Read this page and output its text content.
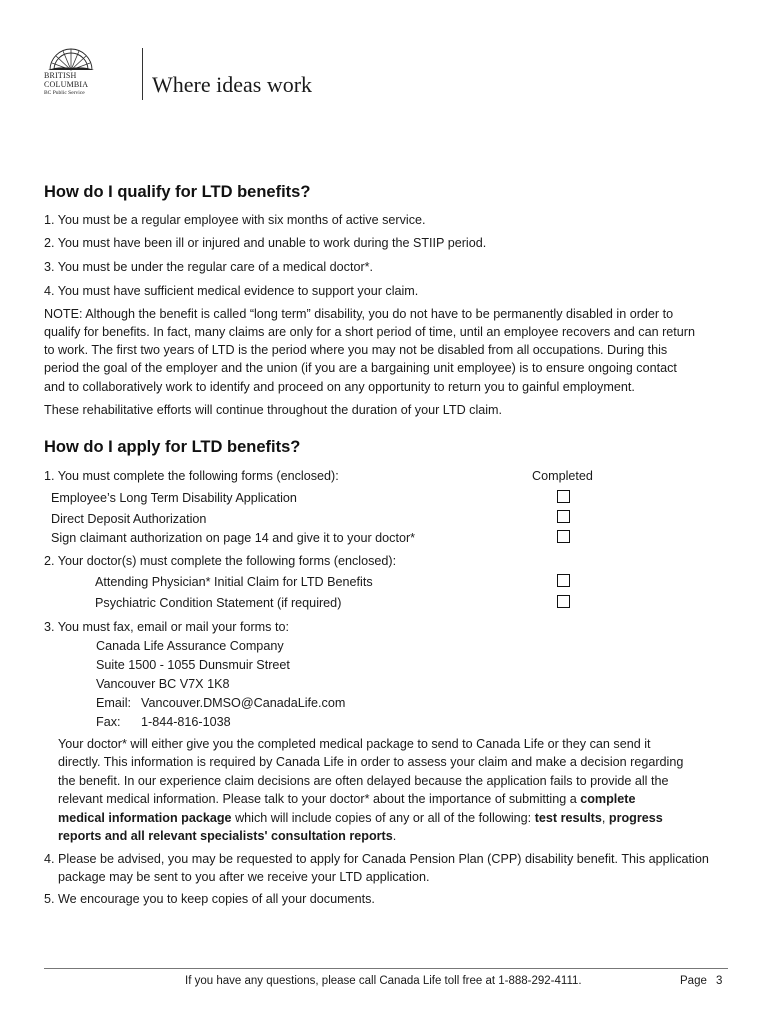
BRITISH
COLUMBIA
BC Public Service	Where ideas work
How do I qualify for LTD benefits?
1. You must be a regular employee with six months of active service.
2. You must have been ill or injured and unable to work during the STIIP period.
3. You must be under the regular care of a medical doctor*.
4. You must have sufficient medical evidence to support your claim.
NOTE: Although the benefit is called “long term” disability, you do not have to be permanently disabled in order to
qualify for benefits. In fact, many claims are only for a short period of time, until an employee recovers and can return
to work. The first two years of LTD is the period where you may not be disabled from all occupations. During this
period the goal of the employer and the union (if you are a bargaining unit employee) is to ensure ongoing contact
and to collaboratively work to identify and proceed on any opportunity to return you to gainful employment.
These rehabilitative efforts will continue throughout the duration of your LTD claim.
How do I apply for LTD benefits?
1. You must complete the following forms (enclosed):	Completed
Employee’s Long Term Disability Application
Direct Deposit Authorization
Sign claimant authorization on page 14 and give it to your doctor*
2. Your doctor(s) must complete the following forms (enclosed):
Attending Physician* Initial Claim for LTD Benefits
Psychiatric Condition Statement (if required)
3. You must fax, email or mail your forms to:
Canada Life Assurance Company
Suite 1500 - 1055 Dunsmuir Street
Vancouver BC V7X 1K8
Email: Vancouver.DMSO@CanadaLife.com
Fax: 1-844-816-1038
Your doctor* will either give you the completed medical package to send to Canada Life or they can send it
directly. This information is required by Canada Life in order to assess your claim and make a decision regarding
the benefit. In our experience claim decisions are often delayed because the application fails to provide all the
relevant medical information. Please talk to your doctor* about the importance of submitting a complete
medical information package which will include copies of any or all of the following: test results, progress
reports and all relevant specialists' consultation reports.
4. Please be advised, you may be requested to apply for Canada Pension Plan (CPP) disability benefit. This application
package may be sent to you after we receive your LTD application.
5. We encourage you to keep copies of all your documents.
If you have any questions, please call Canada Life toll free at 1-888-292-4111.	Page 3
